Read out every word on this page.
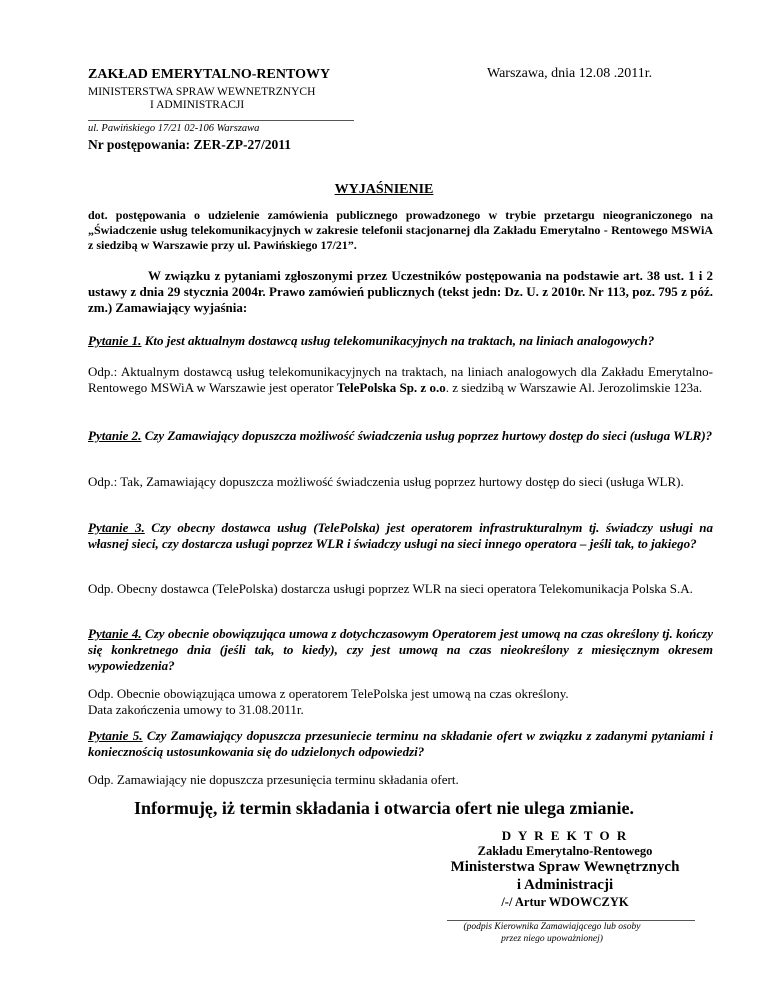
ZAKŁAD EMERYTALNO-RENTOWY	Warszawa, dnia 12.08 .2011r.
MINISTERSTWA SPRAW WEWNETRZNYCH
I ADMINISTRACJI
ul. Pawińskiego 17/21 02-106 Warszawa
Nr postępowania: ZER-ZP-27/2011
WYJAŚNIENIE

dot. postępowania o udzielenie zamówienia publicznego prowadzonego w trybie przetargu nieograniczonego na „Świadczenie usług telekomunikacyjnych w zakresie telefonii stacjonarnej dla Zakładu Emerytalno - Rentowego MSWiA z siedzibą w Warszawie przy ul. Pawińskiego 17/21”.

W związku z pytaniami zgłoszonymi przez Uczestników postępowania na podstawie art. 38 ust. 1 i 2 ustawy z dnia 29 stycznia 2004r. Prawo zamówień publicznych (tekst jedn: Dz. U. z 2010r. Nr 113, poz. 795 z póź. zm.) Zamawiający wyjaśnia:

Pytanie 1. Kto jest aktualnym dostawcą usług telekomunikacyjnych na traktach, na liniach analogowych?

Odp.: Aktualnym dostawcą usług telekomunikacyjnych na traktach, na liniach analogowych dla Zakładu Emerytalno-Rentowego MSWiA w Warszawie jest operator TelePolska Sp. z o.o. z siedzibą w Warszawie Al. Jerozolimskie 123a.

Pytanie 2. Czy Zamawiający dopuszcza możliwość świadczenia usług poprzez hurtowy dostęp do sieci (usługa WLR)?

Odp.: Tak, Zamawiający dopuszcza możliwość świadczenia usług poprzez hurtowy dostęp do sieci (usługa WLR).

Pytanie 3. Czy obecny dostawca usług (TelePolska) jest operatorem infrastrukturalnym tj. świadczy usługi na własnej sieci, czy dostarcza usługi poprzez WLR i świadczy usługi na sieci innego operatora – jeśli tak, to jakiego?

Odp. Obecny dostawca (TelePolska) dostarcza usługi poprzez WLR na sieci operatora Telekomunikacja Polska S.A.

Pytanie 4. Czy obecnie obowiązująca umowa z dotychczasowym Operatorem jest umową na czas określony tj. kończy się konkretnego dnia (jeśli tak, to kiedy), czy jest umową na czas nieokreślony z miesięcznym okresem wypowiedzenia?

Odp. Obecnie obowiązująca umowa z operatorem TelePolska jest umową na czas określony.
Data zakończenia umowy to 31.08.2011r.

Pytanie 5. Czy Zamawiający dopuszcza przesuniecie terminu na składanie ofert w związku z zadanymi pytaniami i koniecznością ustosunkowania się do udzielonych odpowiedzi?

Odp. Zamawiający nie dopuszcza przesunięcia terminu składania ofert.
Informuję, iż termin składania i otwarcia ofert nie ulega zmianie.
D Y R E K T O R
Zakładu Emerytalno-Rentowego
Ministerstwa Spraw Wewnętrznych
i Administracji
/-/ Artur WDOWCZYK
(podpis Kierownika Zamawiającego lub osoby
przez niego upoważnionej)
